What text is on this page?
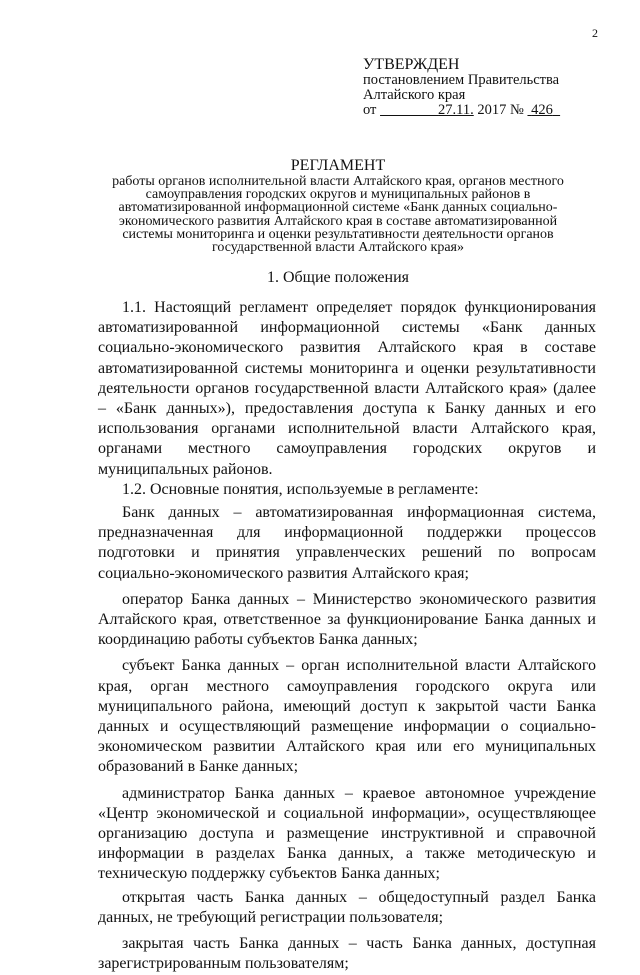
2
УТВЕРЖДЕН
постановлением Правительства
Алтайского края
от	27.11. 2017 № 426
РЕГЛАМЕНТ
работы органов исполнительной власти Алтайского края, органов местного самоуправления городских округов и муниципальных районов в автоматизированной информационной системе «Банк данных социально-экономического развития Алтайского края в составе автоматизированной системы мониторинга и оценки результативности деятельности органов государственной власти Алтайского края»
1. Общие положения

1.1. Настоящий регламент определяет порядок функционирования автоматизированной информационной системы «Банк данных социально-экономического развития Алтайского края в составе автоматизированной системы мониторинга и оценки результативности деятельности органов государственной власти Алтайского края» (далее – «Банк данных»), предоставления доступа к Банку данных и его использования органами исполнительной власти Алтайского края, органами местного самоуправления городских округов и муниципальных районов.

1.2. Основные понятия, используемые в регламенте:

Банк данных – автоматизированная информационная система, предназначенная для информационной поддержки процессов подготовки и принятия управленческих решений по вопросам социально-экономического развития Алтайского края;

оператор Банка данных – Министерство экономического развития Алтайского края, ответственное за функционирование Банка данных и координацию работы субъектов Банка данных;

субъект Банка данных – орган исполнительной власти Алтайского края, орган местного самоуправления городского округа или муниципального района, имеющий доступ к закрытой части Банка данных и осуществляющий размещение информации о социально-экономическом развитии Алтайского края или его муниципальных образований в Банке данных;

администратор Банка данных – краевое автономное учреждение «Центр экономической и социальной информации», осуществляющее организацию доступа и размещение инструктивной и справочной информации в разделах Банка данных, а также методическую и техническую поддержку субъектов Банка данных;

открытая часть Банка данных – общедоступный раздел Банка данных, не требующий регистрации пользователя;

закрытая часть Банка данных – часть Банка данных, доступная зарегистрированным пользователям;
